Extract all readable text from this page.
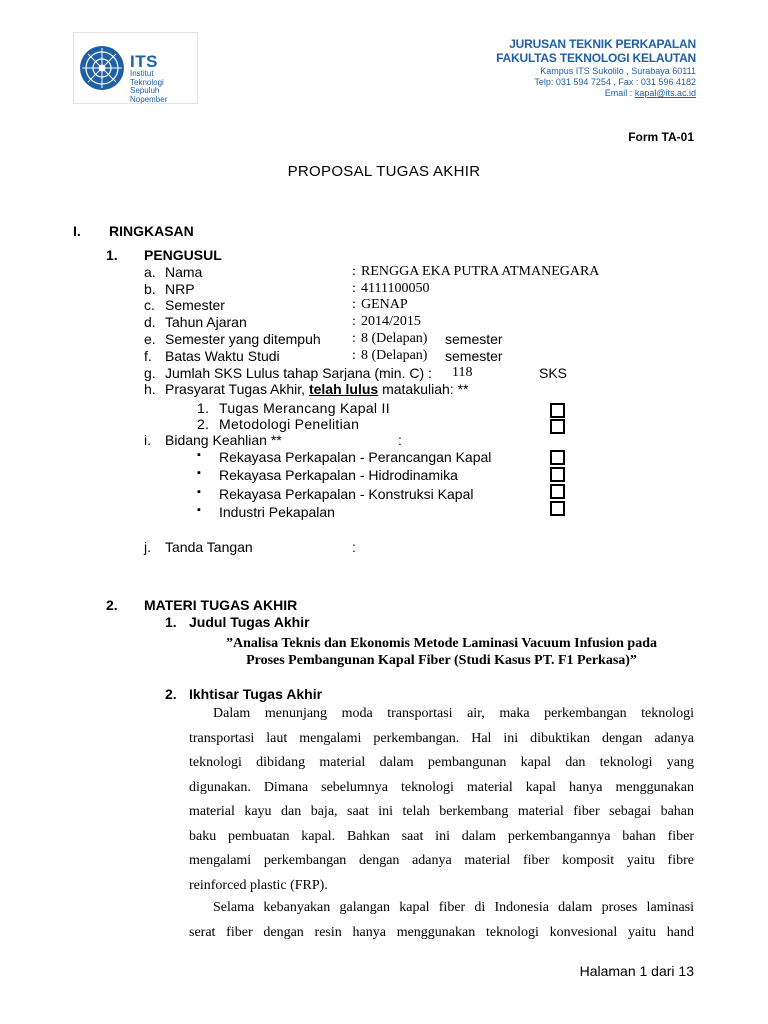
ITS
Institut
Teknologi
Sepuluh Nopember
JURUSAN TEKNIK PERKAPALAN
FAKULTAS TEKNOLOGI KELAUTAN
Kampus ITS Sukolilo , Surabaya 60111
Telp: 031 594 7254 , Fax : 031 596 4182
Email : kapal@its.ac.id
Form TA-01
PROPOSAL TUGAS AKHIR
I. RINGKASAN
1. PENGUSUL
a. Nama	: RENGGA EKA PUTRA ATMANEGARA
b. NRP	: 4111100050
c. Semester	: GENAP
d. Tahun Ajaran	: 2014/2015
e. Semester yang ditempuh : 8 (Delapan) semester
f. Batas Waktu Studi	: 8 (Delapan) semester
g. Jumlah SKS Lulus tahap Sarjana (min. C) : 118	SKS
h. Prasyarat Tugas Akhir, telah lulus matakuliah: **
1. Tugas Merancang Kapal II
2. Metodologi Penelitian
i. Bidang Keahlian **	:
▪ Rekayasa Perkapalan - Perancangan Kapal
▪ Rekayasa Perkapalan - Hidrodinamika
▪ Rekayasa Perkapalan - Konstruksi Kapal
▪ Industri Pekapalan
j. Tanda Tangan	:
2. MATERI TUGAS AKHIR
1. Judul Tugas Akhir
”Analisa Teknis dan Ekonomis Metode Laminasi Vacuum Infusion pada
Proses Pembangunan Kapal Fiber (Studi Kasus PT. F1 Perkasa)”
2. Ikhtisar Tugas Akhir
Dalam menunjang moda transportasi air, maka perkembangan teknologi
transportasi laut mengalami perkembangan. Hal ini dibuktikan dengan adanya
teknologi dibidang material dalam pembangunan kapal dan teknologi yang
digunakan. Dimana sebelumnya teknologi material kapal hanya menggunakan
material kayu dan baja, saat ini telah berkembang material fiber sebagai bahan
baku pembuatan kapal. Bahkan saat ini dalam perkembangannya bahan fiber
mengalami perkembangan dengan adanya material fiber komposit yaitu fibre
reinforced plastic (FRP).
Selama kebanyakan galangan kapal fiber di Indonesia dalam proses laminasi
serat fiber dengan resin hanya menggunakan teknologi konvesional yaitu hand
Halaman 1 dari 13
